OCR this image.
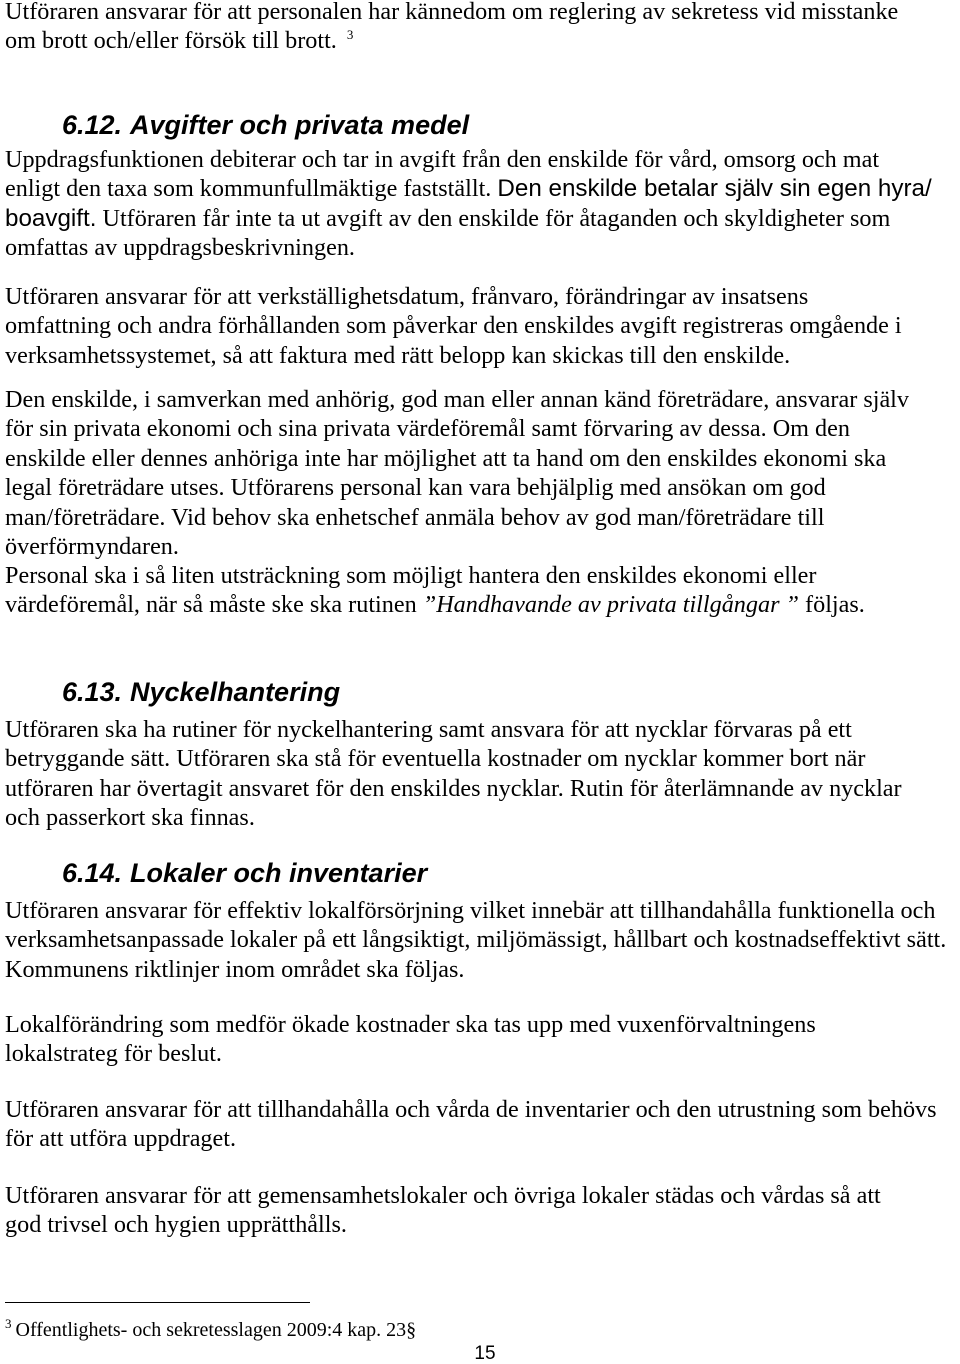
Utföraren ansvarar för att personalen har kännedom om reglering av sekretess vid misstanke
om brott och/eller försök till brott. $^3$
6.12. Avgifter och privata medel
Uppdragsfunktionen debiterar och tar in avgift från den enskilde för vård, omsorg och mat
enligt den taxa som kommunfullmäktige fastställt. Den enskilde betalar själv sin egen hyra/
boavgift. Utföraren får inte ta ut avgift av den enskilde för åtaganden och skyldigheter som
omfattas av uppdragsbeskrivningen.
Utföraren ansvarar för att verkställighetsdatum, frånvaro, förändringar av insatsens
omfattning och andra förhållanden som påverkar den enskildes avgift registreras omgående i
verksamhetssystemet, så att faktura med rätt belopp kan skickas till den enskilde.
Den enskilde, i samverkan med anhörig, god man eller annan känd företrädare, ansvarar själv
för sin privata ekonomi och sina privata värdeföremål samt förvaring av dessa. Om den
enskilde eller dennes anhöriga inte har möjlighet att ta hand om den enskildes ekonomi ska
legal företrädare utses. Utförarens personal kan vara behjälplig med ansökan om god
man/företrädare. Vid behov ska enhetschef anmäla behov av god man/företrädare till
överförmyndaren.
Personal ska i så liten utsträckning som möjligt hantera den enskildes ekonomi eller
värdeföremål, när så måste ske ska rutinen ”Handhavande av privata tillgångar ” följas.
6.13. Nyckelhantering
Utföraren ska ha rutiner för nyckelhantering samt ansvara för att nycklar förvaras på ett
betryggande sätt. Utföraren ska stå för eventuella kostnader om nycklar kommer bort när
utföraren har övertagit ansvaret för den enskildes nycklar. Rutin för återlämnande av nycklar
och passerkort ska finnas.
6.14. Lokaler och inventarier
Utföraren ansvarar för effektiv lokalförsörjning vilket innebär att tillhandahålla funktionella och
verksamhetsanpassade lokaler på ett långsiktigt, miljömässigt, hållbart och kostnadseffektivt sätt.
Kommunens riktlinjer inom området ska följas.
Lokalförändring som medför ökade kostnader ska tas upp med vuxenförvaltningens
lokalstrateg för beslut.
Utföraren ansvarar för att tillhandahålla och vårda de inventarier och den utrustning som behövs
för att utföra uppdraget.
Utföraren ansvarar för att gemensamhetslokaler och övriga lokaler städas och vårdas så att
god trivsel och hygien upprätthålls.
$^3$ Offentlighets- och sekretesslagen 2009:4 kap. 23§
15
